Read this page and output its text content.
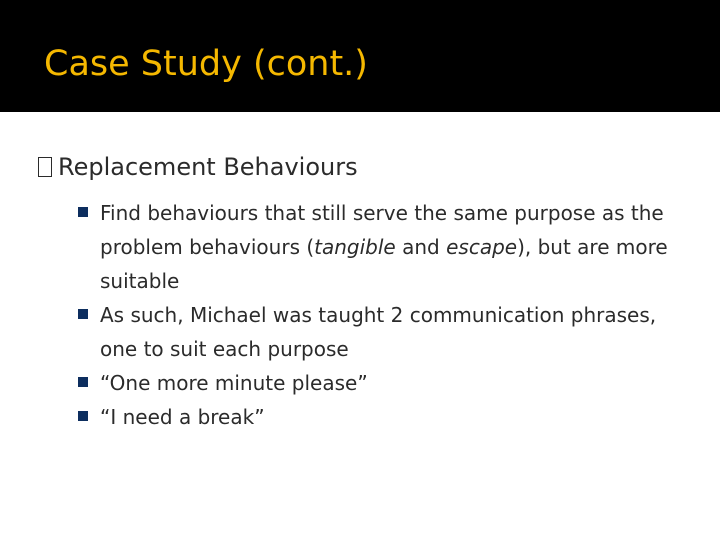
Case Study (cont.)
Replacement Behaviours
Find behaviours that still serve the same purpose as the problem behaviours (tangible and escape), but are more suitable
As such, Michael was taught 2 communication phrases, one to suit each purpose
“One more minute please”
“I need a break”
